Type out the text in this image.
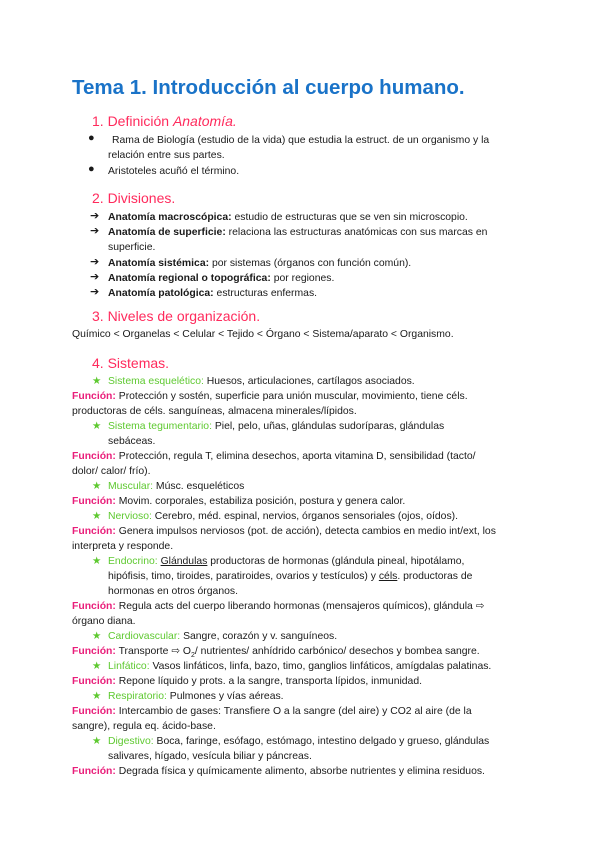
Tema 1. Introducción al cuerpo humano.
1. Definición Anatomía.
● Rama de Biología (estudio de la vida) que estudia la estruct. de un organismo y la
relación entre sus partes.
● Aristoteles acuñó el término.
2. Divisiones.
➔ Anatomía macroscópica: estudio de estructuras que se ven sin microscopio.
➔ Anatomía de superficie: relaciona las estructuras anatómicas con sus marcas en
superficie.
➔ Anatomía sistémica: por sistemas (órganos con función común).
➔ Anatomía regional o topográfica: por regiones.
➔ Anatomía patológica: estructuras enfermas.
3. Niveles de organización.
Químico < Organelas < Celular < Tejido < Órgano < Sistema/aparato < Organismo.
4. Sistemas.
★ Sistema esquelético: Huesos, articulaciones, cartílagos asociados.
Función: Protección y sostén, superficie para unión muscular, movimiento, tiene céls.
productoras de céls. sanguíneas, almacena minerales/lípidos.
★ Sistema tegumentario: Piel, pelo, uñas, glándulas sudoríparas, glándulas
sebáceas.
Función: Protección, regula T, elimina desechos, aporta vitamina D, sensibilidad (tacto/
dolor/ calor/ frío).
★ Muscular: Músc. esqueléticos
Función: Movim. corporales, estabiliza posición, postura y genera calor.
★ Nervioso: Cerebro, méd. espinal, nervios, órganos sensoriales (ojos, oídos).
Función: Genera impulsos nerviosos (pot. de acción), detecta cambios en medio int/ext, los
interpreta y responde.
★ Endocrino: Glándulas productoras de hormonas (glándula pineal, hipotálamo,
hipófisis, timo, tiroides, paratiroides, ovarios y testículos) y céls. productoras de
hormonas en otros órganos.
Función: Regula acts del cuerpo liberando hormonas (mensajeros químicos), glándula ⇨
órgano diana.
★ Cardiovascular: Sangre, corazón y v. sanguíneos.
Función: Transporte ⇨ $O_2/$ nutrientes/ anhídrido carbónico/ desechos y bombea sangre.
★ Linfático: Vasos linfáticos, linfa, bazo, timo, ganglios linfáticos, amígdalas palatinas.
Función: Repone líquido y prots. a la sangre, transporta lípidos, inmunidad.
★ Respiratorio: Pulmones y vías aéreas.
Función: Intercambio de gases: Transfiere O a la sangre (del aire) y CO2 al aire (de la
sangre), regula eq. ácido-base.
★ Digestivo: Boca, faringe, esófago, estómago, intestino delgado y grueso, glándulas
salivares, hígado, vesícula biliar y páncreas.
Función: Degrada física y químicamente alimento, absorbe nutrientes y elimina residuos.
